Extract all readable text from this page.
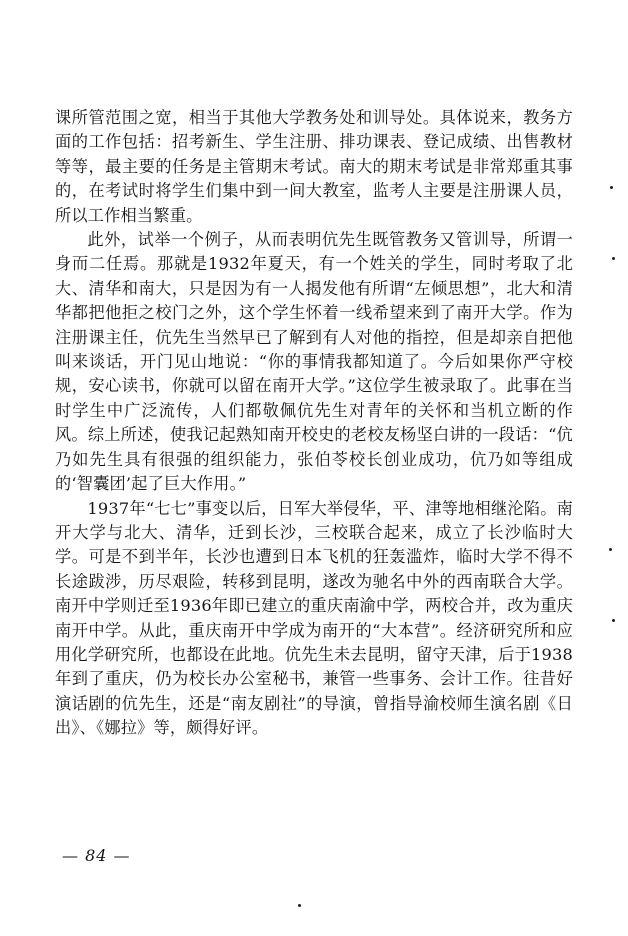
课所管范围之宽，相当于其他大学教务处和训导处。具体说来，教务方面的工作包括：招考新生、学生注册、排功课表、登记成绩、出售教材等等，最主要的任务是主管期末考试。南大的期末考试是非常郑重其事的，在考试时将学生们集中到一间大教室，监考人主要是注册课人员，所以工作相当繁重。

此外，试举一个例子，从而表明伉先生既管教务又管训导，所谓一身而二任焉。那就是1932年夏天，有一个姓关的学生，同时考取了北大、清华和南大，只是因为有一人揭发他有所谓“左倾思想”，北大和清华都把他拒之校门之外，这个学生怀着一线希望来到了南开大学。作为注册课主任，伉先生当然早已了解到有人对他的指控，但是却亲自把他叫来谈话，开门见山地说：“你的事情我都知道了。今后如果你严守校规，安心读书，你就可以留在南开大学。”这位学生被录取了。此事在当时学生中广泛流传，人们都敬佩伉先生对青年的关怀和当机立断的作风。综上所述，使我记起熟知南开校史的老校友杨坚白讲的一段话：“伉乃如先生具有很强的组织能力，张伯苓校长创业成功，伉乃如等组成的‘智囊团’起了巨大作用。”

1937年“七七”事变以后，日军大举侵华，平、津等地相继沦陷。南开大学与北大、清华，迁到长沙，三校联合起来，成立了长沙临时大学。可是不到半年，长沙也遭到日本飞机的狂轰滥炸，临时大学不得不长途跋涉，历尽艰险，转移到昆明，遂改为驰名中外的西南联合大学。南开中学则迁至1936年即已建立的重庆南渝中学，两校合并，改为重庆南开中学。从此，重庆南开中学成为南开的“大本营”。经济研究所和应用化学研究所，也都设在此地。伉先生未去昆明，留守天津，后于1938年到了重庆，仍为校长办公室秘书，兼管一些事务、会计工作。往昔好演话剧的伉先生，还是“南友剧社”的导演，曾指导渝校师生演名剧《日出》、《娜拉》等，颇得好评。

— 84 —
